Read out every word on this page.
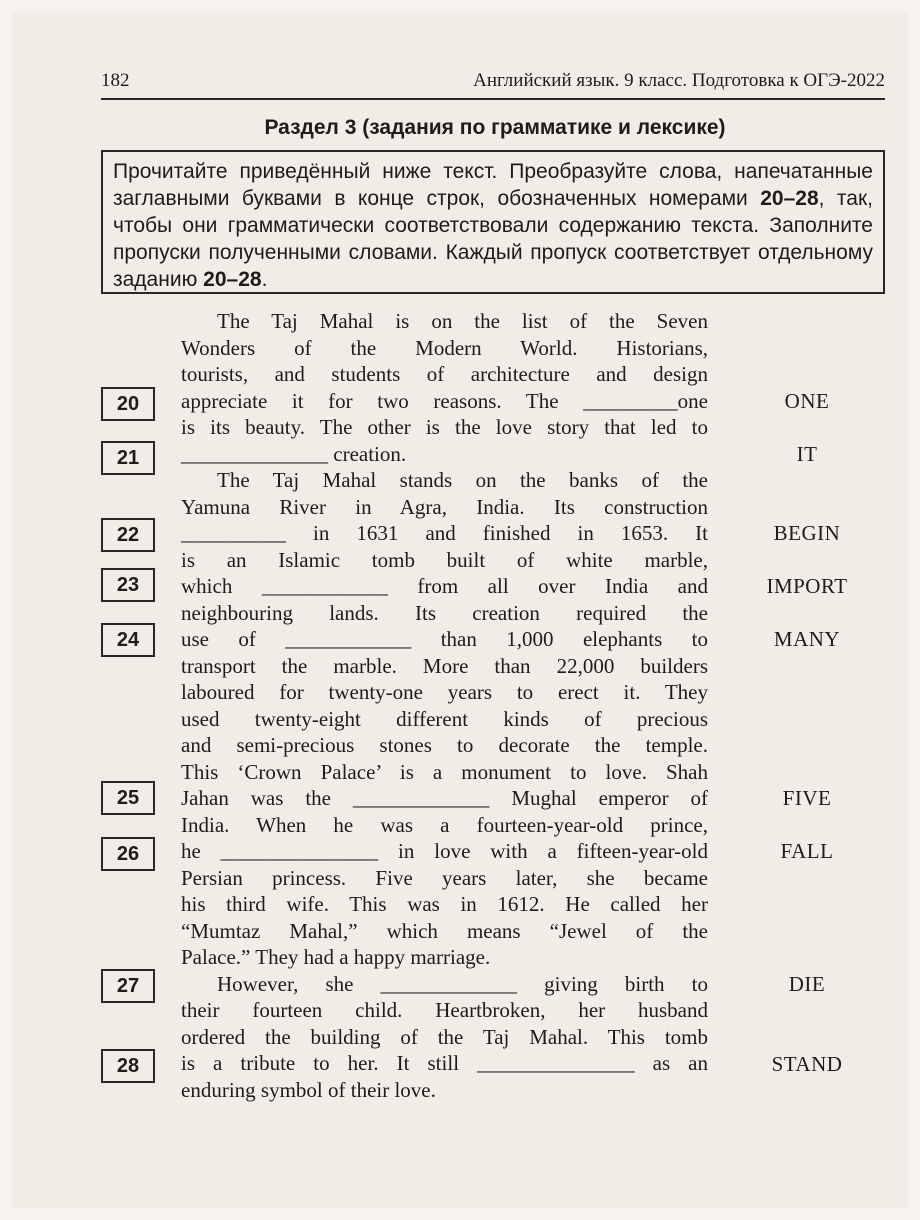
182	Английский язык. 9 класс. Подготовка к ОГЭ-2022
Раздел 3 (задания по грамматике и лексике)
Прочитайте приведённый ниже текст. Преобразуйте слова, напечатанные заглавными буквами в конце строк, обозначенных номерами 20–28, так, чтобы они грамматически соответствовали содержанию текста. Заполните пропуски полученными словами. Каждый пропуск соответствует отдельному заданию 20–28.
The Taj Mahal is on the list of the Seven
Wonders of the Modern World. Historians,
tourists, and students of architecture and design
appreciate it for two reasons. The _________one
is its beauty. The other is the love story that led to
______________ creation.
The Taj Mahal stands on the banks of the
Yamuna River in Agra, India. Its construction
__________ in 1631 and finished in 1653. It
is an Islamic tomb built of white marble,
which ____________ from all over India and
neighbouring lands. Its creation required the
use of ____________ than 1,000 elephants to
transport the marble. More than 22,000 builders
laboured for twenty-one years to erect it. They
used twenty-eight different kinds of precious
and semi-precious stones to decorate the temple.
This ‘Crown Palace’ is a monument to love. Shah
Jahan was the _____________ Mughal emperor of
India. When he was a fourteen-year-old prince,
he _______________ in love with a fifteen-year-old
Persian princess. Five years later, she became
his third wife. This was in 1612. He called her
“Mumtaz Mahal,” which means “Jewel of the
Palace.” They had a happy marriage.
However, she _____________ giving birth to
their fourteen child. Heartbroken, her husband
ordered the building of the Taj Mahal. This tomb
is a tribute to her. It still _______________ as an
enduring symbol of their love.
20
21
22
23
24
25
26
27
28
ONE
IT
BEGIN
IMPORT
MANY
FIVE
FALL
DIE
STAND
